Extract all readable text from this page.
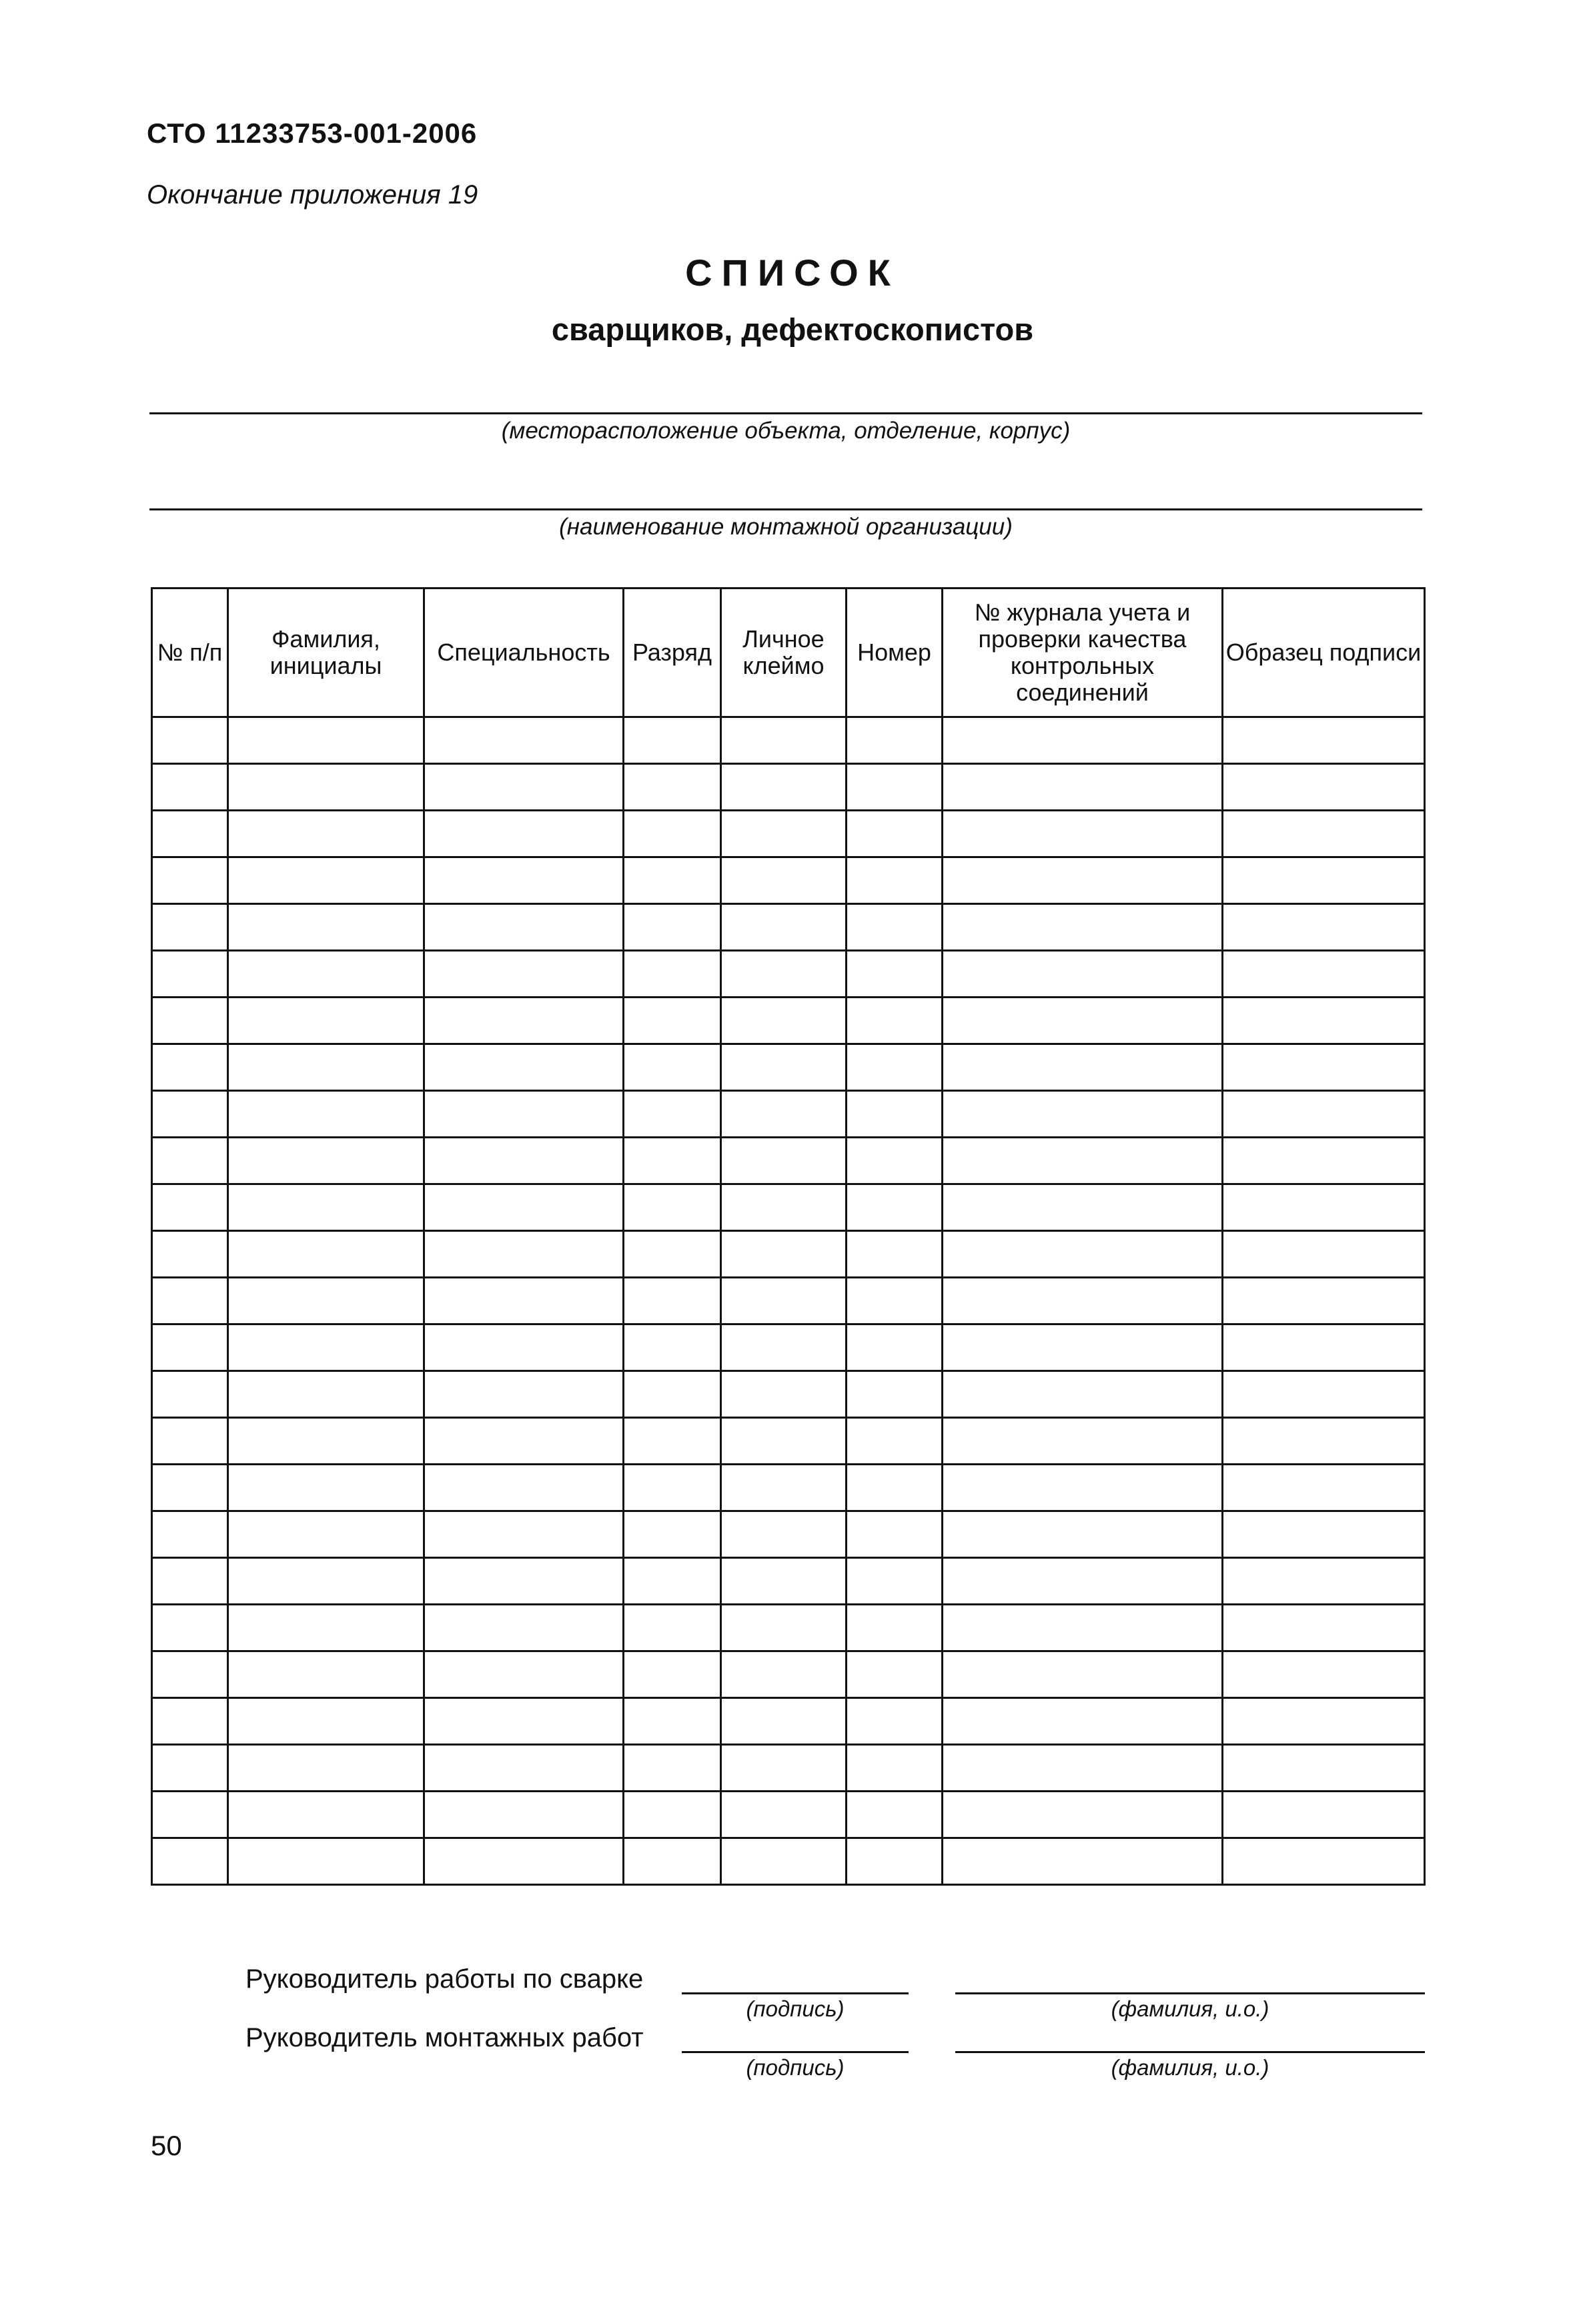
СТО 11233753-001-2006
Окончание приложения 19
СПИСОК
сварщиков, дефектоскопистов
(месторасположение объекта, отделение, корпус)
(наименование монтажной организации)
№ п/п	Фамилия, инициалы	Специальность	Разряд	Личное клеймо	Номер	№ журнала учета и проверки качества контрольных соединений	Образец подписи

Руководитель работы по сварке
(подпись)	(фамилия, и.о.)
Руководитель монтажных работ
(подпись)	(фамилия, и.о.)
50
